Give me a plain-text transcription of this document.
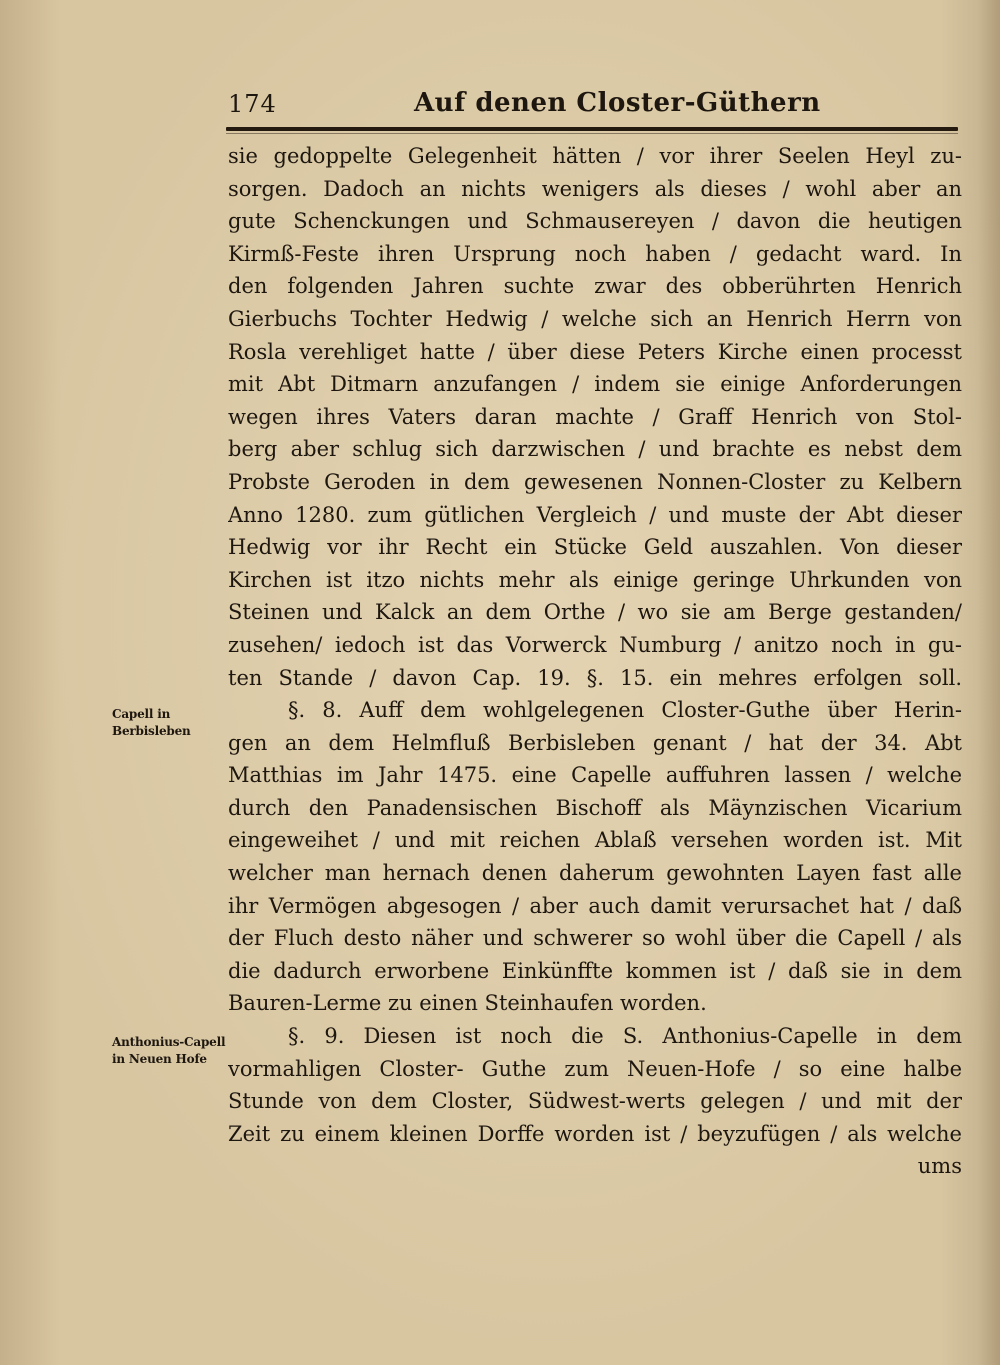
174	Auf denen Closter-Güthern
Capell in Berbisleben
Anthonius-Capell in Neuen Hofe
sie gedoppelte Gelegenheit hätten / vor ihrer Seelen Heyl zu-
sorgen. Dadoch an nichts wenigers als dieses / wohl aber an
gute Schenckungen und Schmausereyen / davon die heutigen
Kirmß-Feste ihren Ursprung noch haben / gedacht ward. In
den folgenden Jahren suchte zwar des obberührten Henrich
Gierbuchs Tochter Hedwig / welche sich an Henrich Herrn von
Rosla verehliget hatte / über diese Peters Kirche einen processt
mit Abt Ditmarn anzufangen / indem sie einige Anforderungen
wegen ihres Vaters daran machte / Graff Henrich von Stol-
berg aber schlug sich darzwischen / und brachte es nebst dem
Probste Geroden in dem gewesenen Nonnen-Closter zu Kelbern
Anno 1280. zum gütlichen Vergleich / und muste der Abt dieser
Hedwig vor ihr Recht ein Stücke Geld auszahlen. Von dieser
Kirchen ist itzo nichts mehr als einige geringe Uhrkunden von
Steinen und Kalck an dem Orthe / wo sie am Berge gestanden/
zusehen/ iedoch ist das Vorwerck Numburg / anitzo noch in gu-
ten Stande / davon Cap. 19. §. 15. ein mehres erfolgen soll.
§. 8. Auff dem wohlgelegenen Closter-Guthe über Herin-
gen an dem Helmfluß Berbisleben genant / hat der 34. Abt
Matthias im Jahr 1475. eine Capelle auffuhren lassen / welche
durch den Panadensischen Bischoff als Mäynzischen Vicarium
eingeweihet / und mit reichen Ablaß versehen worden ist. Mit
welcher man hernach denen daherum gewohnten Layen fast alle
ihr Vermögen abgesogen / aber auch damit verursachet hat / daß
der Fluch desto näher und schwerer so wohl über die Capell / als
die dadurch erworbene Einkünffte kommen ist / daß sie in dem
Bauren-Lerme zu einen Steinhaufen worden.
§. 9. Diesen ist noch die S. Anthonius-Capelle in dem
vormahligen Closter- Guthe zum Neuen-Hofe / so eine halbe
Stunde von dem Closter, Südwest-werts gelegen / und mit der
Zeit zu einem kleinen Dorffe worden ist / beyzufügen / als welche
ums
